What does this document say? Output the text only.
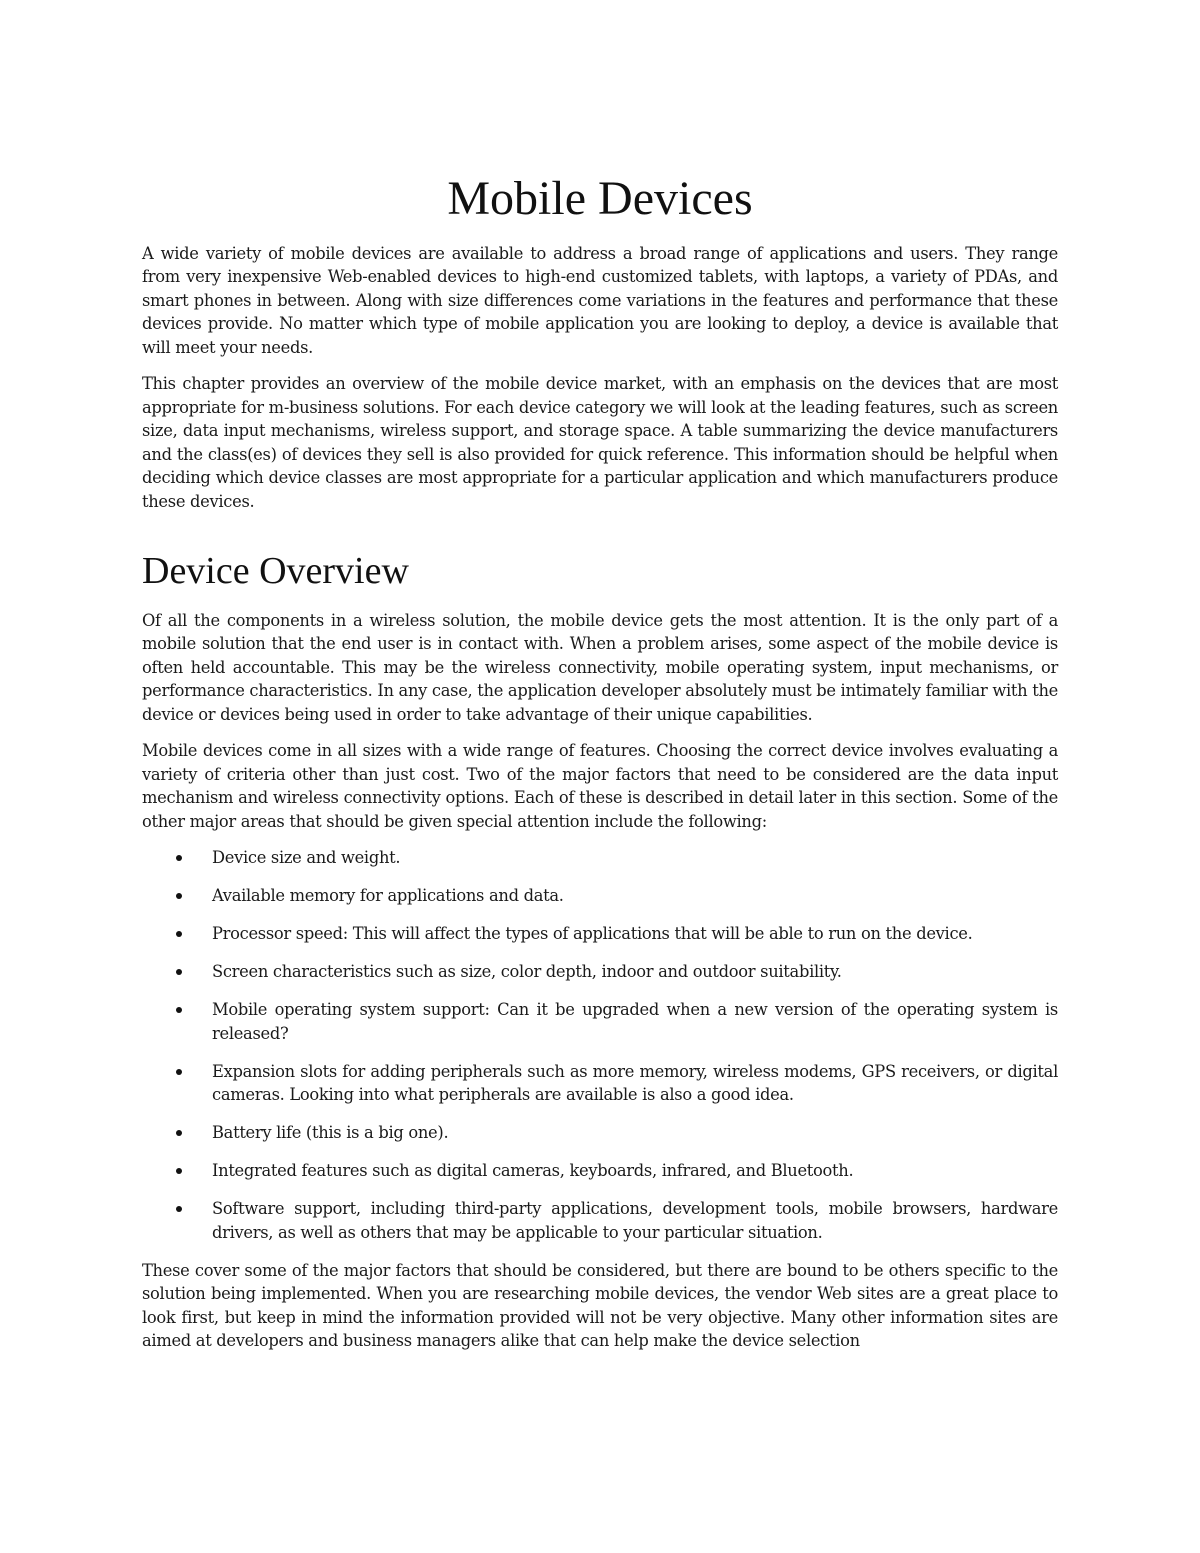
Mobile Devices

A wide variety of mobile devices are available to address a broad range of applications and users. They range from very inexpensive Web-enabled devices to high-end customized tablets, with laptops, a variety of PDAs, and smart phones in between. Along with size differences come variations in the features and performance that these devices provide. No matter which type of mobile application you are looking to deploy, a device is available that will meet your needs.

This chapter provides an overview of the mobile device market, with an emphasis on the devices that are most appropriate for m-business solutions. For each device category we will look at the leading features, such as screen size, data input mechanisms, wireless support, and storage space. A table summarizing the device manufacturers and the class(es) of devices they sell is also provided for quick reference. This information should be helpful when deciding which device classes are most appropriate for a particular application and which manufacturers produce these devices.

Device Overview

Of all the components in a wireless solution, the mobile device gets the most attention. It is the only part of a mobile solution that the end user is in contact with. When a problem arises, some aspect of the mobile device is often held accountable. This may be the wireless connectivity, mobile operating system, input mechanisms, or performance characteristics. In any case, the application developer absolutely must be intimately familiar with the device or devices being used in order to take advantage of their unique capabilities.

Mobile devices come in all sizes with a wide range of features. Choosing the correct device involves evaluating a variety of criteria other than just cost. Two of the major factors that need to be considered are the data input mechanism and wireless connectivity options. Each of these is described in detail later in this section. Some of the other major areas that should be given special attention include the following:

Device size and weight.
Available memory for applications and data.
Processor speed: This will affect the types of applications that will be able to run on the device.
Screen characteristics such as size, color depth, indoor and outdoor suitability.
Mobile operating system support: Can it be upgraded when a new version of the operating system is released?
Expansion slots for adding peripherals such as more memory, wireless modems, GPS receivers, or digital cameras. Looking into what peripherals are available is also a good idea.
Battery life (this is a big one).
Integrated features such as digital cameras, keyboards, infrared, and Bluetooth.
Software support, including third-party applications, development tools, mobile browsers, hardware drivers, as well as others that may be applicable to your particular situation.

These cover some of the major factors that should be considered, but there are bound to be others specific to the solution being implemented. When you are researching mobile devices, the vendor Web sites are a great place to look first, but keep in mind the information provided will not be very objective. Many other information sites are aimed at developers and business managers alike that can help make the device selection
